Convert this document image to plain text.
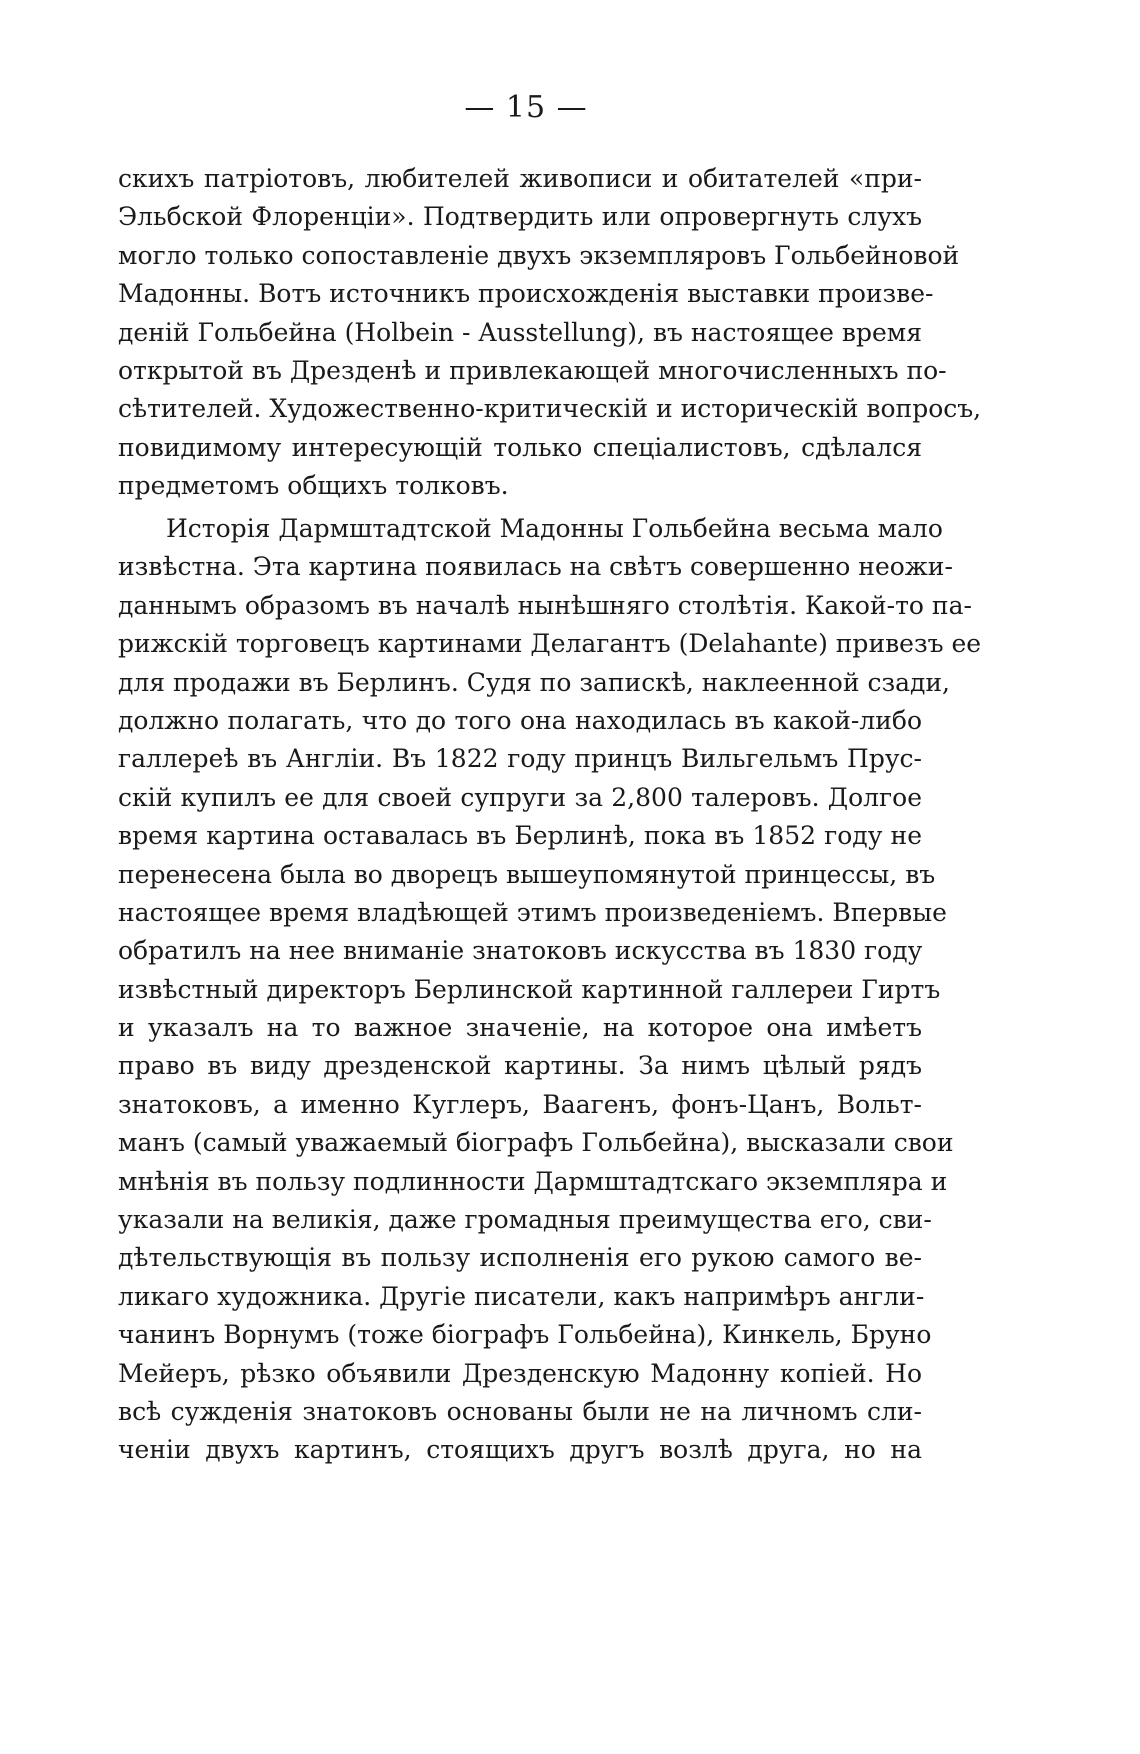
— 15 —
скихъ патріотовъ, любителей живописи и обитателей «при-
Эльбской Флоренціи». Подтвердить или опровергнуть слухъ
могло только сопоставленіе двухъ экземпляровъ Гольбейновой
Мадонны. Вотъ источникъ происхожденія выставки произве-
деній Гольбейна (Holbein - Ausstellung), въ настоящее время
открытой въ Дрезденѣ и привлекающей многочисленныхъ по-
сѣтителей. Художественно-критическій и историческій вопросъ,
повидимому интересующій только спеціалистовъ, сдѣлался
предметомъ общихъ толковъ.
Исторія Дармштадтской Мадонны Гольбейна весьма мало
извѣстна. Эта картина появилась на свѣтъ совершенно неожи-
даннымъ образомъ въ началѣ нынѣшняго столѣтія. Какой-то па-
рижскій торговецъ картинами Делагантъ (Delahante) привезъ ее
для продажи въ Берлинъ. Судя по запискѣ, наклеенной сзади,
должно полагать, что до того она находилась въ какой-либо
галлереѣ въ Англіи. Въ 1822 году принцъ Вильгельмъ Прус-
скій купилъ ее для своей супруги за 2,800 талеровъ. Долгое
время картина оставалась въ Берлинѣ, пока въ 1852 году не
перенесена была во дворецъ вышеупомянутой принцессы, въ
настоящее время владѣющей этимъ произведеніемъ. Впервые
обратилъ на нее вниманіе знатоковъ искусства въ 1830 году
извѣстный директоръ Берлинской картинной галлереи Гиртъ
и указалъ на то важное значеніе, на которое она имѣетъ
право въ виду дрезденской картины. За нимъ цѣлый рядъ
знатоковъ, а именно Куглеръ, Ваагенъ, фонъ-Цанъ, Вольт-
манъ (самый уважаемый біографъ Гольбейна), высказали свои
мнѣнія въ пользу подлинности Дармштадтскаго экземпляра и
указали на великія, даже громадныя преимущества его, сви-
дѣтельствующія въ пользу исполненія его рукою самого ве-
ликаго художника. Другіе писатели, какъ напримѣръ англи-
чанинъ Ворнумъ (тоже біографъ Гольбейна), Кинкель, Бруно
Мейеръ, рѣзко объявили Дрезденскую Мадонну копіей. Но
всѣ сужденія знатоковъ основаны были не на личномъ сли-
ченіи двухъ картинъ, стоящихъ другъ возлѣ друга, но на
